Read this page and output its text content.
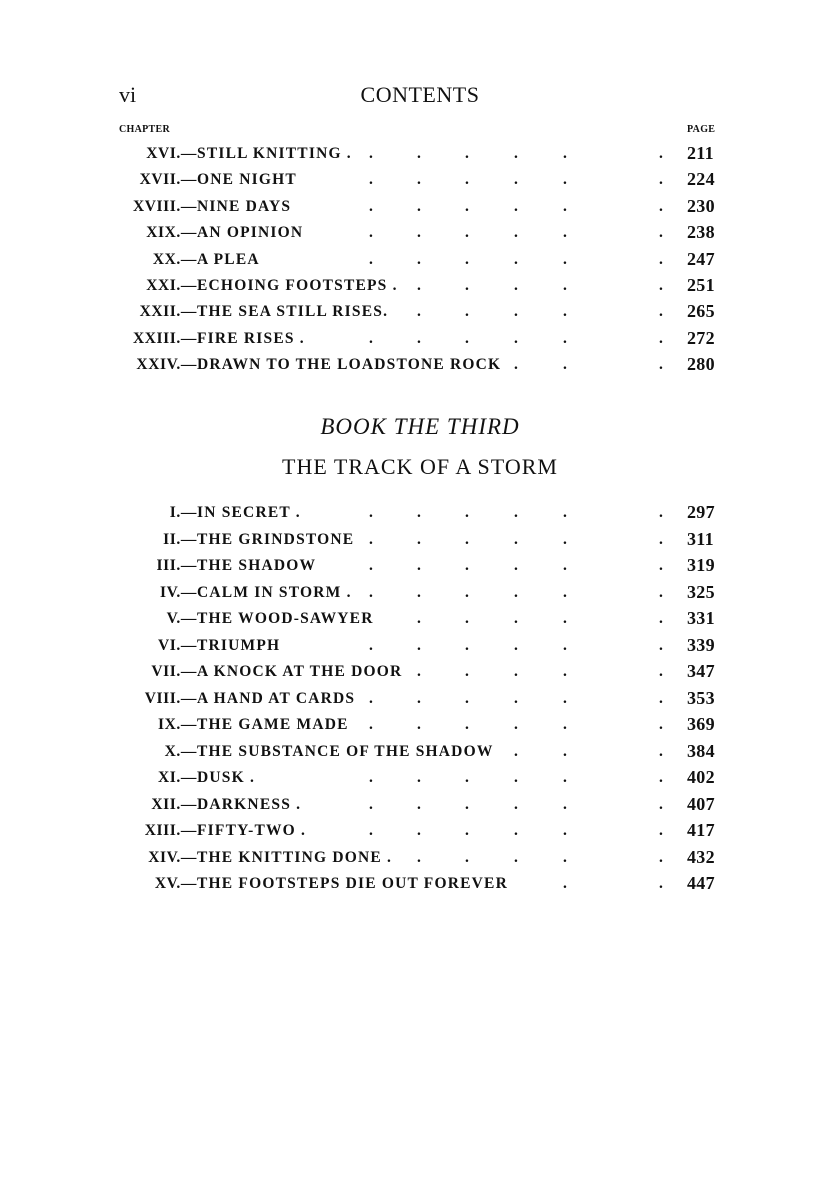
vi	CONTENTS
CHAPTER	PAGE
XVI.— STILL KNITTING . .	.	.	.	.	. 211
XVII.— ONE NIGHT	.	.	.	.	.	. 224
XVIII.— NINE DAYS	.	.	.	.	.	. 230
XIX.— AN OPINION	.	.	.	.	.	. 238
XX.— A PLEA	.	.	.	.	.	. 247
XXI.— ECHOING FOOTSTEPS . .	.	.	.	. 251
XXII.— THE SEA STILL RISES. .	.	.	.	. 265
XXIII.— FIRE RISES .	.	.	.	.	.	. 272
XXIV.— DRAWN TO THE LOADSTONE ROCK .	.	. 280
BOOK THE THIRD
THE TRACK OF A STORM
I.— IN SECRET .	.	.	.	.	.	. 297
II.— THE GRINDSTONE .	.	.	.	.	. 311
III.— THE SHADOW	.	.	.	.	.	. 319
IV.— CALM IN STORM . .	.	.	.	.	. 325
V.— THE WOOD-SAWYER	.	.	.	.	. 331
VI.— TRIUMPH	.	.	.	.	.	. 339
VII.— A KNOCK AT THE DOOR .	.	.	.	. 347
VIII.— A HAND AT CARDS .	.	.	.	.	. 353
IX.— THE GAME MADE .	.	.	.	.	. 369
X.— THE SUBSTANCE OF THE SHADOW .	.	. 384
XI.— DUSK .	.	.	.	.	.	. 402
XII.— DARKNESS .	.	.	.	.	.	. 407
XIII.— FIFTY-TWO .	.	.	.	.	.	. 417
XIV.— THE KNITTING DONE . .	.	.	.	. 432
XV.— THE FOOTSTEPS DIE OUT FOREVER	.	. 447
